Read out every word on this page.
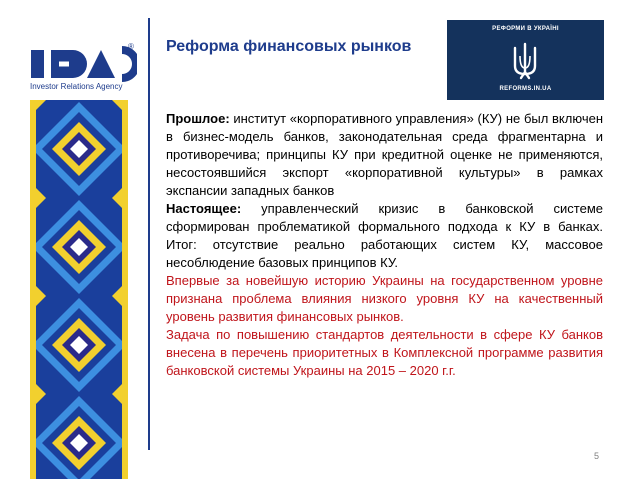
®
Investor Relations Agency
Реформа финансовых рынков
РЕФОРМИ В УКРАЇНІ
REFORMS.IN.UA

Прошлое: институт «корпоративного управления» (КУ) не был включен в бизнес-модель банков, законодательная среда фрагментарна и противоречива; принципы КУ при кредитной оценке не применяются, несостоявшийся экспорт «корпоративной культуры» в рамках экспансии западных банков

Настоящее: управленческий кризис в банковской системе сформирован проблематикой формального подхода к КУ в банках. Итог: отсутствие реально работающих систем КУ, массовое несоблюдение базовых принципов КУ.

Впервые за новейшую историю Украины на государственном уровне признана проблема влияния низкого уровня КУ на качественный уровень развития финансовых рынков.

Задача по повышению стандартов деятельности в сфере КУ банков внесена в перечень приоритетных в Комплексной программе развития банковской системы Украины на 2015 – 2020 г.г.

5
